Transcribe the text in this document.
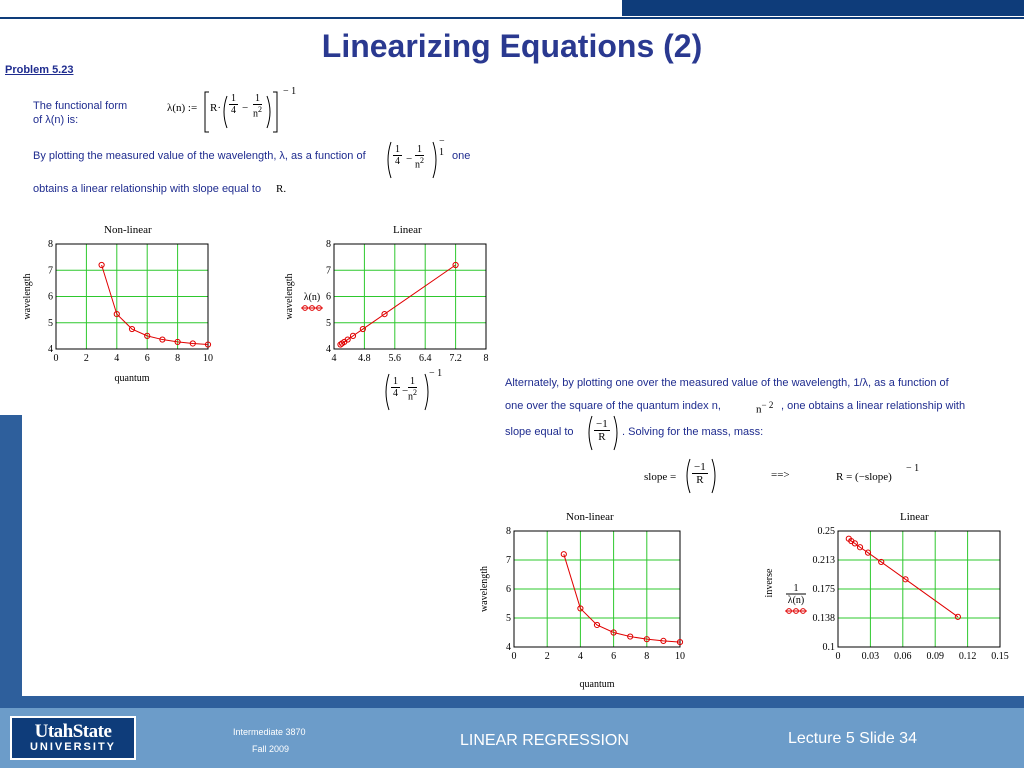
Linearizing Equations (2)
Problem 5.23
The functional form
of λ(n) is:
λ(n) := $R\cdot \frac{1}{4} - \frac{1}{n^2}$
− 1
By plotting the measured value of the wavelength, λ, as a function of	$\frac{1}{4} - \frac{1}{n^2}$
− 1 one
obtains a linear relationship with slope equal to R.
Non-linear
0	2	4	6	8 10
4
5
6
7
8
quantum
wavelength
Linear
4 4.8 5.6 6.4 7.2 8
4
5
6
7
8
wavelength λ(n)
$\frac{1}{4} - \frac{1}{n^2}$
− 1
Alternately, by plotting one over the measured value of the wavelength, 1/λ, as a function of
one over the square of the quantum index n,	$n^{- 2}$ , one obtains a linear relationship with
slope equal to $\frac{-1}{R}$ . Solving for the mass, mass:
slope = $\frac{-1}{R}$	==>	R = (−slope)
− 1
Non-linear
0	2	4	6	8	10
4
5
6
7
8
quantum
wavelength
Linear
0 0.03 0.06 0.09 0.12 0.15
0.1
0.138
0.175
0.213
0.25
inverse 1
λ(n)
UtahState
UNIVERSITY
Intermediate 3870
Fall 2009	LINEAR REGRESSION	Lecture 5 Slide 34
